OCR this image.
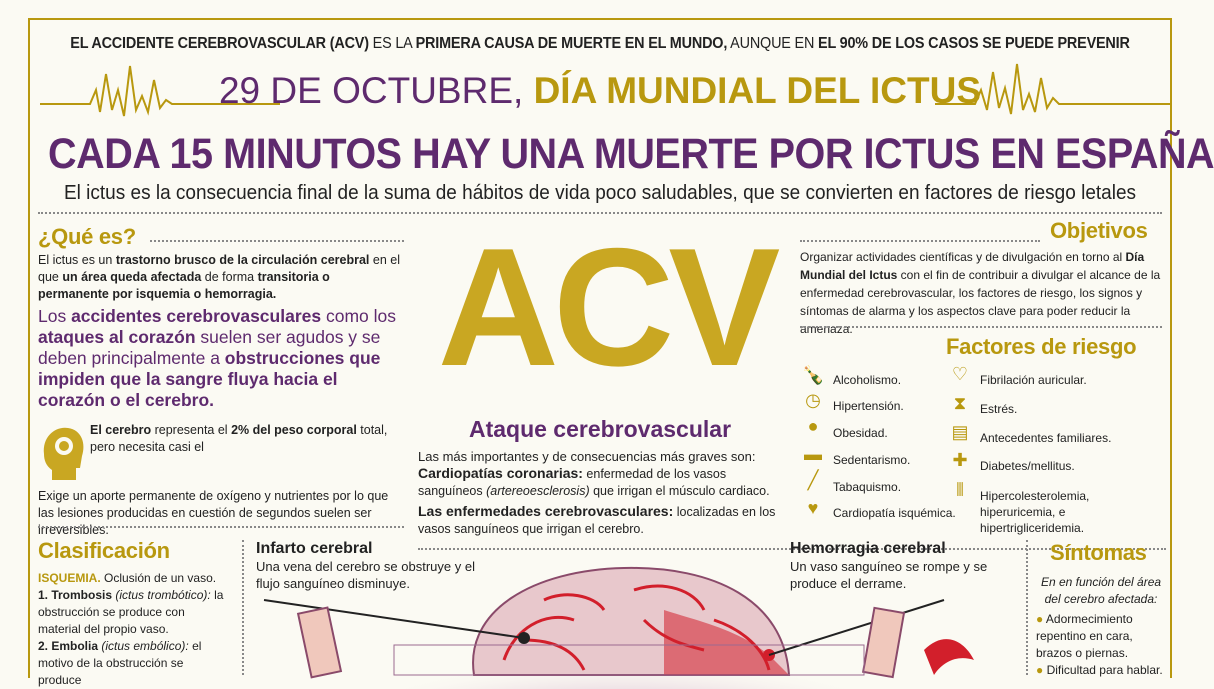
EL ACCIDENTE CEREBROVASCULAR (ACV) ES LA PRIMERA CAUSA DE MUERTE EN EL MUNDO, AUNQUE EN EL 90% DE LOS CASOS SE PUEDE PREVENIR
29 DE OCTUBRE, DÍA MUNDIAL DEL ICTUS
CADA 15 MINUTOS HAY UNA MUERTE POR ICTUS EN ESPAÑA
El ictus es la consecuencia final de la suma de hábitos de vida poco saludables, que se convierten en factores de riesgo letales
¿Qué es?
El ictus es un trastorno brusco de la circulación cerebral en el que un área queda afectada de forma transitoria o permanente por isquemia o hemorragia.
Los accidentes cerebrovasculares como los ataques al corazón suelen ser agudos y se deben principalmente a obstrucciones que impiden que la sangre fluya hacia el corazón o el cerebro.
El cerebro representa el 2% del peso corporal total, pero necesita casi el
Exige un aporte permanente de oxígeno y nutrientes por lo que las lesiones producidas en cuestión de segundos suelen ser irreversibles.
ACV
Ataque cerebrovascular
Las más importantes y de consecuencias más graves son:
Cardiopatías coronarias: enfermedad de los vasos sanguíneos (artereoesclerosis) que irrigan el músculo cardiaco.
Las enfermedades cerebrovasculares: localizadas en los vasos sanguíneos que irrigan el cerebro.
Objetivos
Organizar actividades científicas y de divulgación en torno al Día Mundial del Ictus con el fin de contribuir a divulgar el alcance de la enfermedad cerebrovascular, los factores de riesgo, los signos y síntomas de alarma y los aspectos clave para poder reducir la amenaza.
Factores de riesgo
🍾 Alcoholismo.
◷ Hipertensión.
●	Obesidad.
▬ Sedentarismo.
╱	Tabaquismo.
♥	Cardiopatía isquémica.
♡ Fibrilación auricular.
⧗	Estrés.
▤ Antecedentes familiares.
✚ Diabetes/mellitus.
⫴	Hipercolesterolemia, hiperuricemia, e hipertrigliceridemia.
Clasificación
ISQUEMIA. Oclusión de un vaso.
1. Trombosis (ictus trombótico): la obstrucción se produce con material del propio vaso.
2. Embolia (ictus embólico): el motivo de la obstrucción se produce
Infarto cerebral
Una vena del cerebro se obstruye y el flujo sanguíneo disminuye.
Hemorragia cerebral
Un vaso sanguíneo se rompe y se produce el derrame.
Síntomas
En en función del área del cerebro afectada:
● Adormecimiento repentino en cara, brazos o piernas.
● Dificultad para hablar.
